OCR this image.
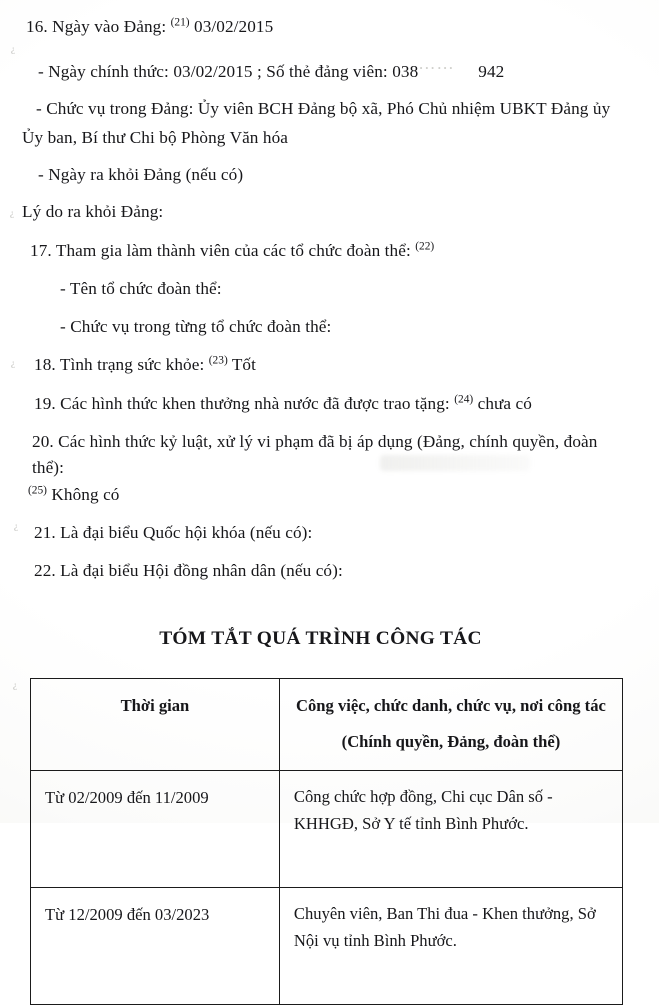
16. Ngày vào Đảng: $^{(21)}$ 03/02/2015

- Ngày chính thức: 03/02/2015 ; Số thẻ đảng viên: 038…… 942

- Chức vụ trong Đảng: Ủy viên BCH Đảng bộ xã, Phó Chủ nhiệm UBKT Đảng ủy

Ủy ban, Bí thư Chi bộ Phòng Văn hóa

- Ngày ra khỏi Đảng (nếu có)

Lý do ra khỏi Đảng:

17. Tham gia làm thành viên của các tổ chức đoàn thể: $^{(22)}$

- Tên tổ chức đoàn thể:

- Chức vụ trong từng tổ chức đoàn thể:

18. Tình trạng sức khỏe: $^{(23)}$ Tốt

19. Các hình thức khen thưởng nhà nước đã được trao tặng: $^{(24)}$ chưa có

20. Các hình thức kỷ luật, xử lý vi phạm đã bị áp dụng (Đảng, chính quyền, đoàn thể):

$^{(25)}$ Không có

21. Là đại biểu Quốc hội khóa (nếu có):

22. Là đại biểu Hội đồng nhân dân (nếu có):

TÓM TẮT QUÁ TRÌNH CÔNG TÁC
Thời gian	Công việc, chức danh, chức vụ, nơi công tác
(Chính quyền, Đảng, đoàn thể)

Từ 02/2009 đến 11/2009	Công chức hợp đồng, Chi cục Dân số - KHHGĐ, Sở Y tế tỉnh Bình Phước.
Từ 12/2009 đến 03/2023	Chuyên viên, Ban Thi đua - Khen thưởng, Sở Nội vụ tỉnh Bình Phước.
¿
¿
¿
¿
¿
